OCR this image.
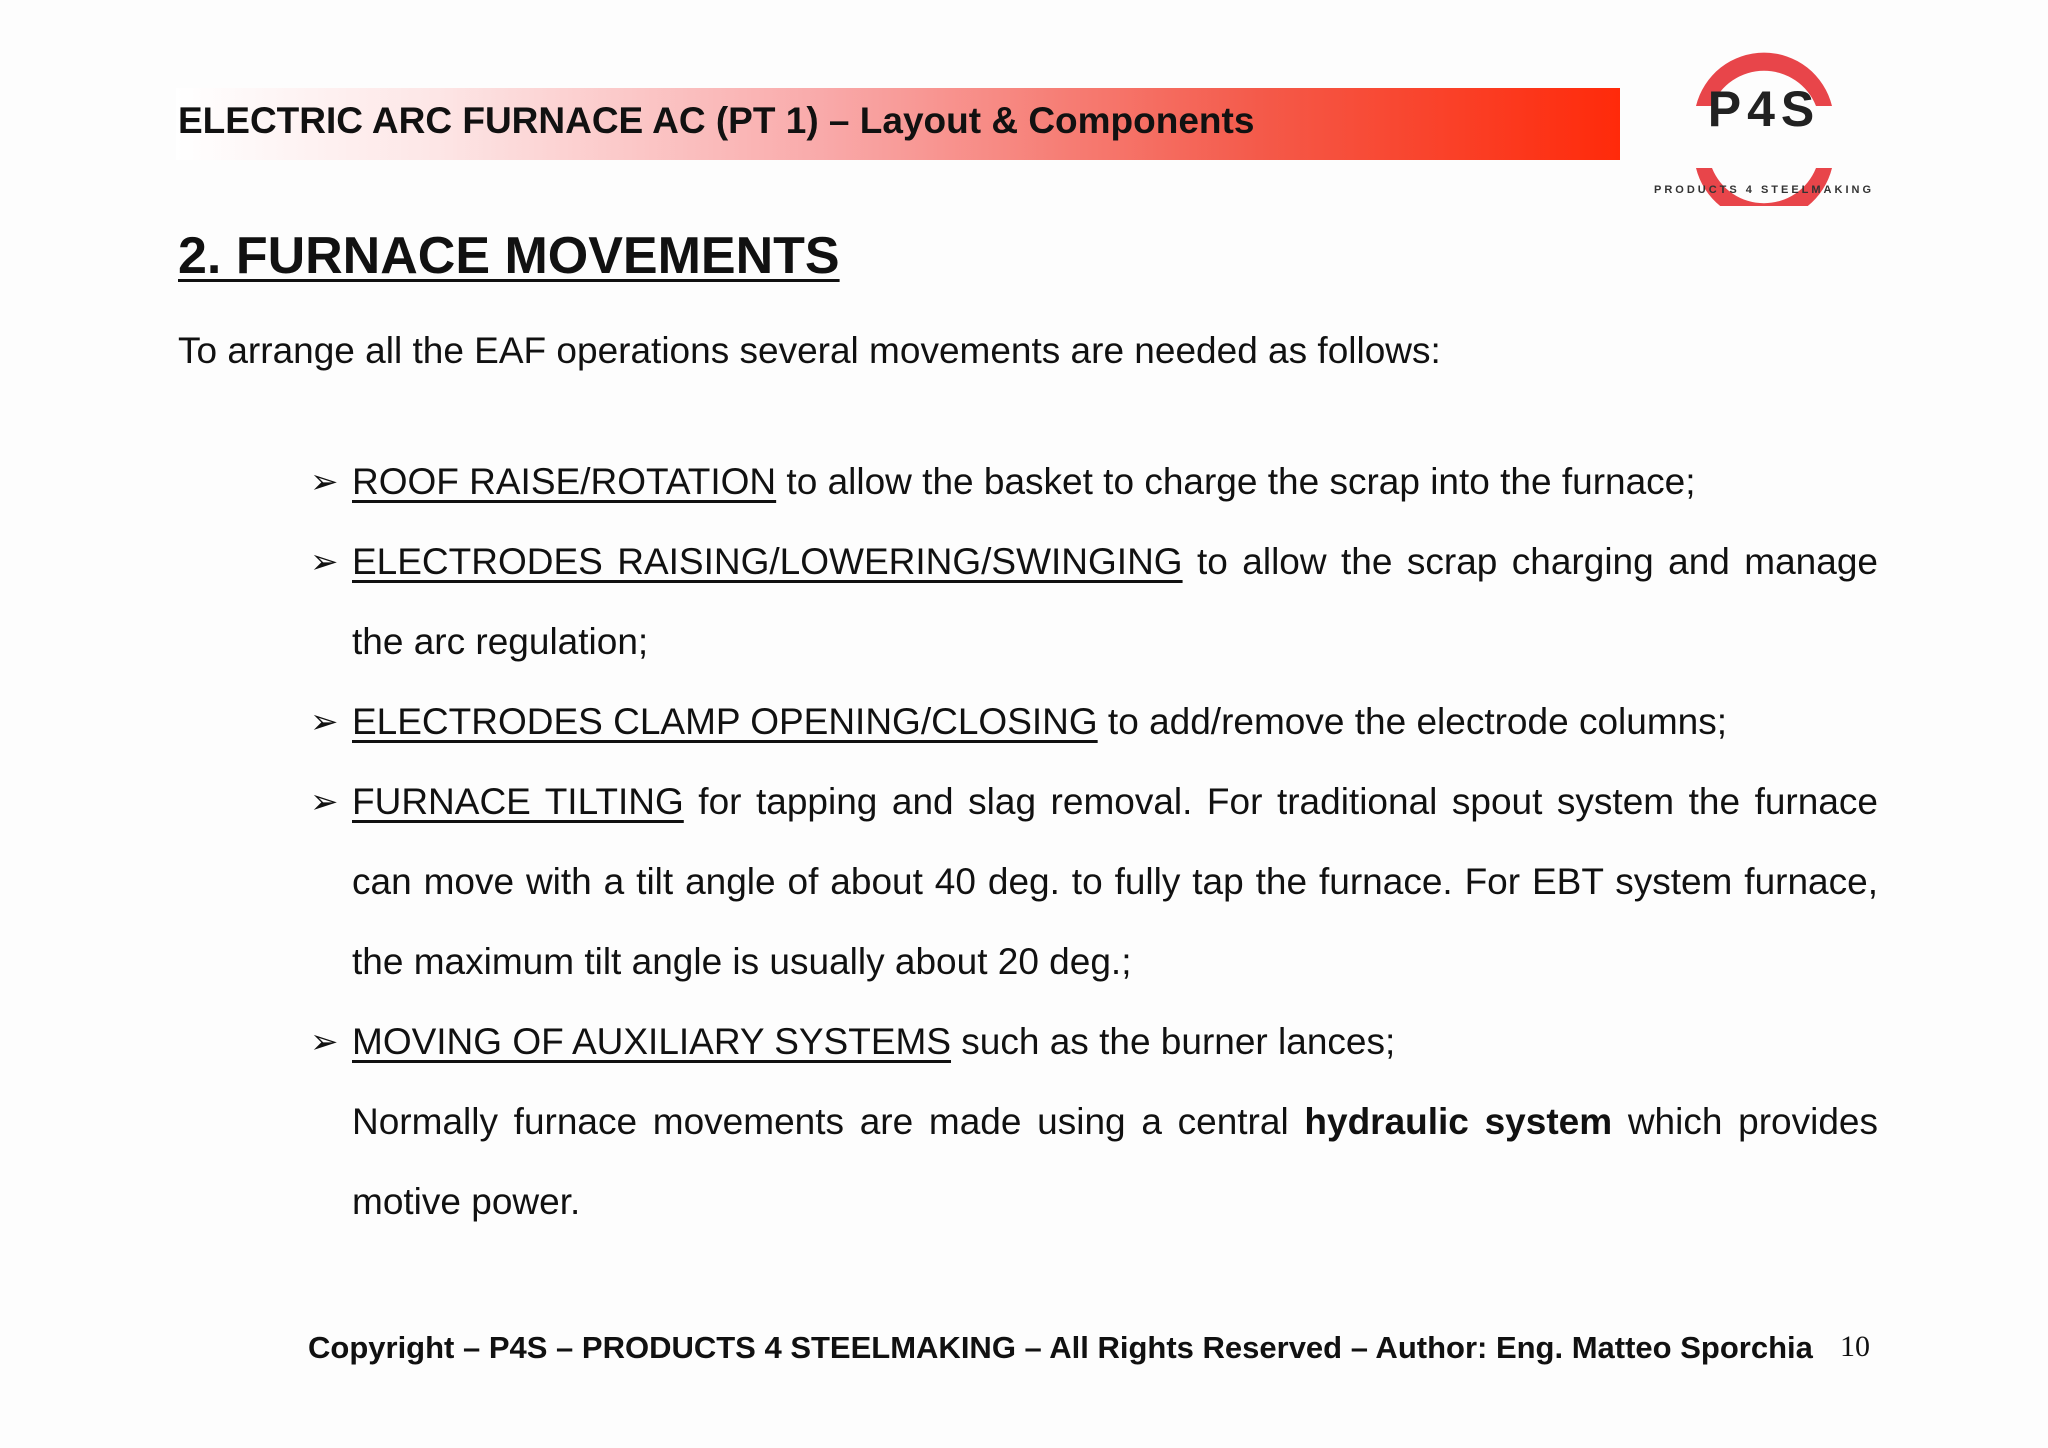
ELECTRIC ARC FURNACE AC (PT 1) – Layout & Components	P4S
PRODUCTS 4 STEELMAKING
2. FURNACE MOVEMENTS
To arrange all the EAF operations several movements are needed as follows:
➢ ROOF RAISE/ROTATION to allow the basket to charge the scrap into the furnace;
➢ ELECTRODES RAISING/LOWERING/SWINGING to allow the scrap charging and manage the arc regulation;
➢ ELECTRODES CLAMP OPENING/CLOSING to add/remove the electrode columns;
➢ FURNACE TILTING for tapping and slag removal. For traditional spout system the furnace can move with a tilt angle of about 40 deg. to fully tap the furnace. For EBT system furnace, the maximum tilt angle is usually about 20 deg.;
➢ MOVING OF AUXILIARY SYSTEMS such as the burner lances;
Normally furnace movements are made using a central hydraulic system which provides motive power.
Copyright – P4S – PRODUCTS 4 STEELMAKING – All Rights Reserved – Author: Eng. Matteo Sporchia 10
